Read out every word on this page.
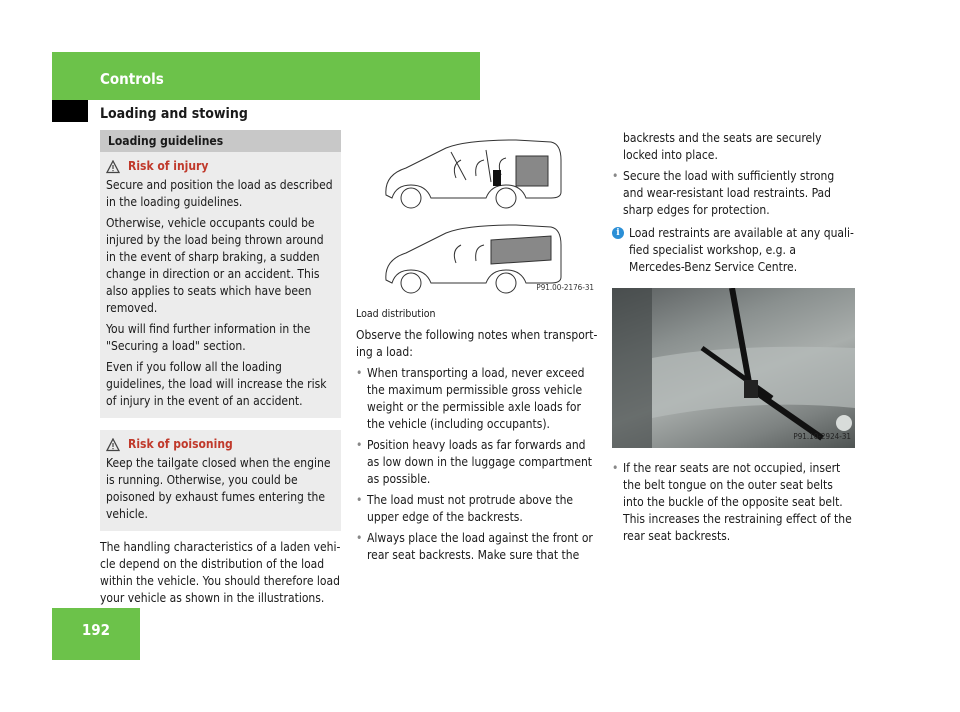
Controls
Loading and stowing
Loading guidelines
Risk of injury

Secure and position the load as described in the loading guidelines.

Otherwise, vehicle occupants could be injured by the load being thrown around in the event of sharp braking, a sudden change in direction or an accident. This also applies to seats which have been removed.

You will find further information in the "Securing a load" section.

Even if you follow all the loading guidelines, the load will increase the risk of injury in the event of an accident.

Risk of poisoning

Keep the tailgate closed when the engine is running. Otherwise, you could be poisoned by exhaust fumes entering the vehicle.

The handling characteristics of a laden vehi-cle depend on the distribution of the load within the vehicle. You should therefore load your vehicle as shown in the illustrations.

P91.00-2176-31
Load distribution

Observe the following notes when transport-ing a load:

• When transporting a load, never exceed the maximum permissible gross vehicle weight or the permissible axle loads for the vehicle (including occupants).
• Position heavy loads as far forwards and as low down in the luggage compartment as possible.
• The load must not protrude above the upper edge of the backrests.
• Always place the load against the front or rear seat backrests. Make sure that the

backrests and the seats are securely locked into place.

• Secure the load with sufficiently strong and wear-resistant load restraints. Pad sharp edges for protection.
i Load restraints are available at any quali-fied specialist workshop, e.g. a Mercedes-Benz Service Centre.
P91.10-2924-31
• If the rear seats are not occupied, insert the belt tongue on the outer seat belts into the buckle of the opposite seat belt. This increases the restraining effect of the rear seat backrests.
192
